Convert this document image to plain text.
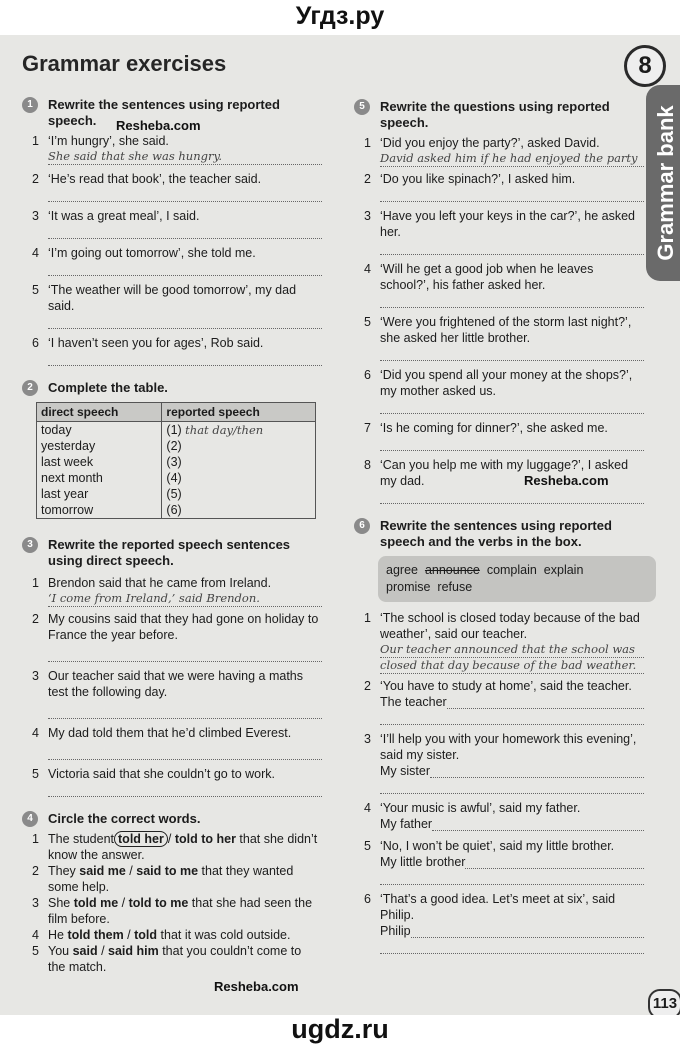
Угдз.ру
Grammar exercises	8
Grammar bank
1	Rewrite the sentences using reported speech.
1 ‘I’m hungry’, she said.
She said that she was hungry.
2 ‘He’s read that book’, the teacher said.
3 ‘It was a great meal’, I said.
4 ‘I’m going out tomorrow’, she told me.
5 ‘The weather will be good tomorrow’, my dad said.
6 ‘I haven’t seen you for ages’, Rob said.
2	Complete the table.
direct speech	reported speech
today	(1) that day/then
yesterday	(2)
last week	(3)
next month	(4)
last year	(5)
tomorrow	(6)
3	Rewrite the reported speech sentences using direct speech.
1 Brendon said that he came from Ireland.
‘I come from Ireland,’ said Brendon.
2 My cousins said that they had gone on holiday to France the year before.
3 Our teacher said that we were having a maths test the following day.
4 My dad told them that he’d climbed Everest.
5 Victoria said that she couldn’t go to work.
4	Circle the correct words.
1 The student told her / told to her that she didn’t know the answer.
2 They said me / said to me that they wanted some help.
3 She told me / told to me that she had seen the film before.
4 He told them / told that it was cold outside.
5 You said / said him that you couldn’t come to the match.
5	Rewrite the questions using reported speech.
1 ‘Did you enjoy the party?’, asked David.
David asked him if he had enjoyed the party
2 ‘Do you like spinach?’, I asked him.
3 ‘Have you left your keys in the car?’, he asked her.
4 ‘Will he get a good job when he leaves school?’, his father asked her.
5 ‘Were you frightened of the storm last night?’, she asked her little brother.
6 ‘Did you spend all your money at the shops?’, my mother asked us.
7 ‘Is he coming for dinner?’, she asked me.
8 ‘Can you help me with my luggage?’, I asked my dad.
6	Rewrite the sentences using reported speech and the verbs in the box.
agree announce complain explain
promise refuse
1 ‘The school is closed today because of the bad weather’, said our teacher.
Our teacher announced that the school was
closed that day because of the bad weather.
2 ‘You have to study at home’, said the teacher.
The teacher
3 ‘I’ll help you with your homework this evening’, said my sister.
My sister
4 ‘Your music is awful’, said my father.
My father
5 ‘No, I won’t be quiet’, said my little brother.
My little brother
6 ‘That’s a good idea. Let’s meet at six’, said Philip.
Philip
Resheba.com
Resheba.com
Resheba.com
113
ugdz.ru
